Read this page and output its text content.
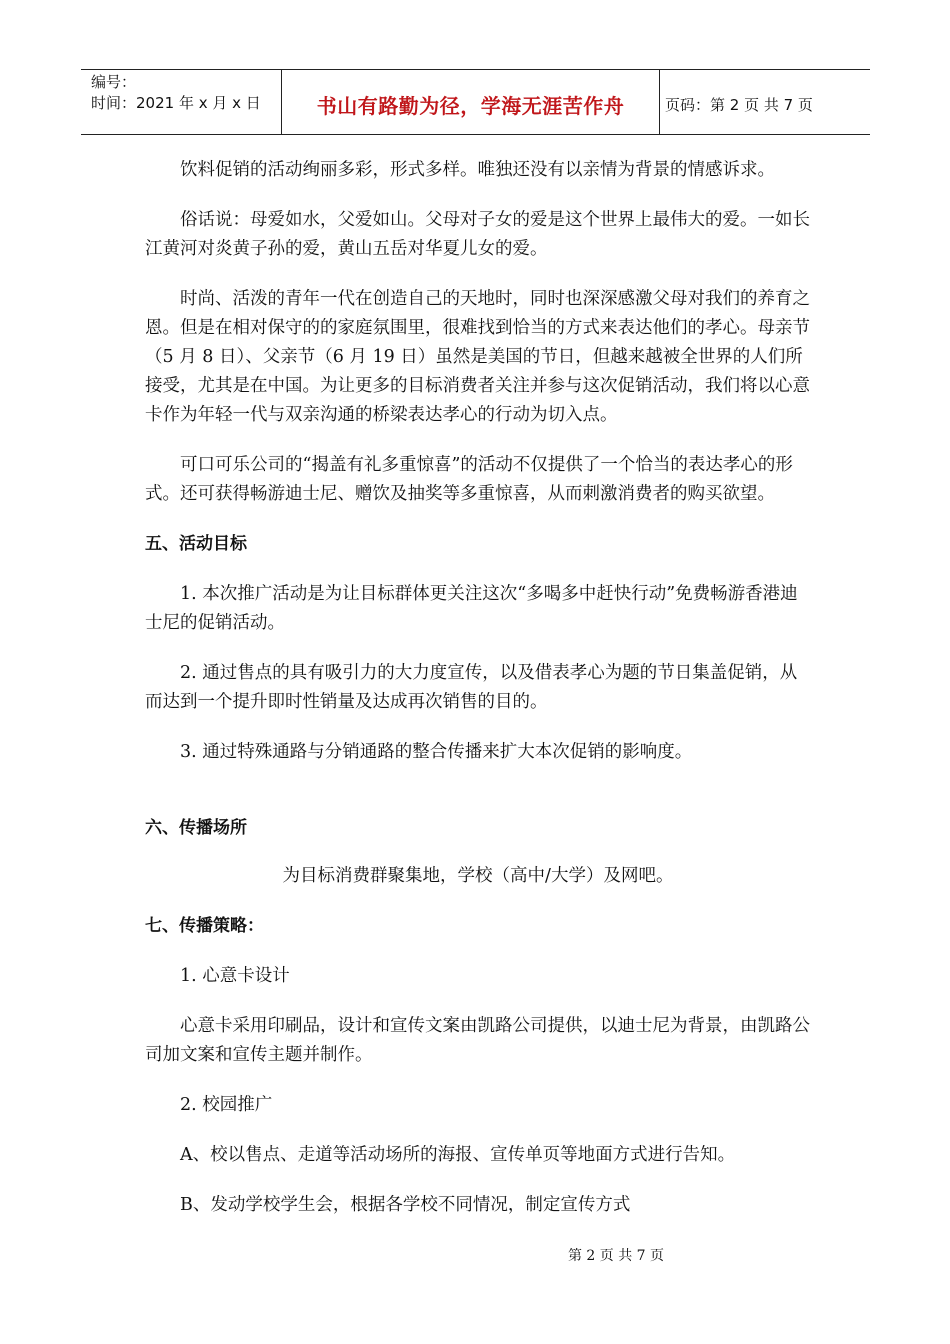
编号：
时间：2021 年 x 月 x 日	书山有路勤为径，学海无涯苦作舟	页码：第 2 页 共 7 页

饮料促销的活动绚丽多彩，形式多样。唯独还没有以亲情为背景的情感诉求。

俗话说：母爱如水，父爱如山。父母对子女的爱是这个世界上最伟大的爱。一如长江黄河对炎黄子孙的爱，黄山五岳对华夏儿女的爱。

时尚、活泼的青年一代在创造自己的天地时，同时也深深感激父母对我们的养育之恩。但是在相对保守的的家庭氛围里，很难找到恰当的方式来表达他们的孝心。母亲节（5 月 8 日）、父亲节（6 月 19 日）虽然是美国的节日，但越来越被全世界的人们所接受，尤其是在中国。为让更多的目标消费者关注并参与这次促销活动，我们将以心意卡作为年轻一代与双亲沟通的桥梁表达孝心的行动为切入点。

可口可乐公司的“揭盖有礼多重惊喜”的活动不仅提供了一个恰当的表达孝心的形式。还可获得畅游迪士尼、赠饮及抽奖等多重惊喜，从而刺激消费者的购买欲望。

五、活动目标

1. 本次推广活动是为让目标群体更关注这次“多喝多中赶快行动”免费畅游香港迪士尼的促销活动。

2. 通过售点的具有吸引力的大力度宣传，以及借表孝心为题的节日集盖促销，从而达到一个提升即时性销量及达成再次销售的目的。

3. 通过特殊通路与分销通路的整合传播来扩大本次促销的影响度。

六、传播场所

为目标消费群聚集地，学校（高中/大学）及网吧。

七、传播策略：

1. 心意卡设计

心意卡采用印刷品，设计和宣传文案由凯路公司提供，以迪士尼为背景，由凯路公司加文案和宣传主题并制作。

2. 校园推广

A、校以售点、走道等活动场所的海报、宣传单页等地面方式进行告知。

B、发动学校学生会，根据各学校不同情况，制定宣传方式

第 2 页 共 7 页
